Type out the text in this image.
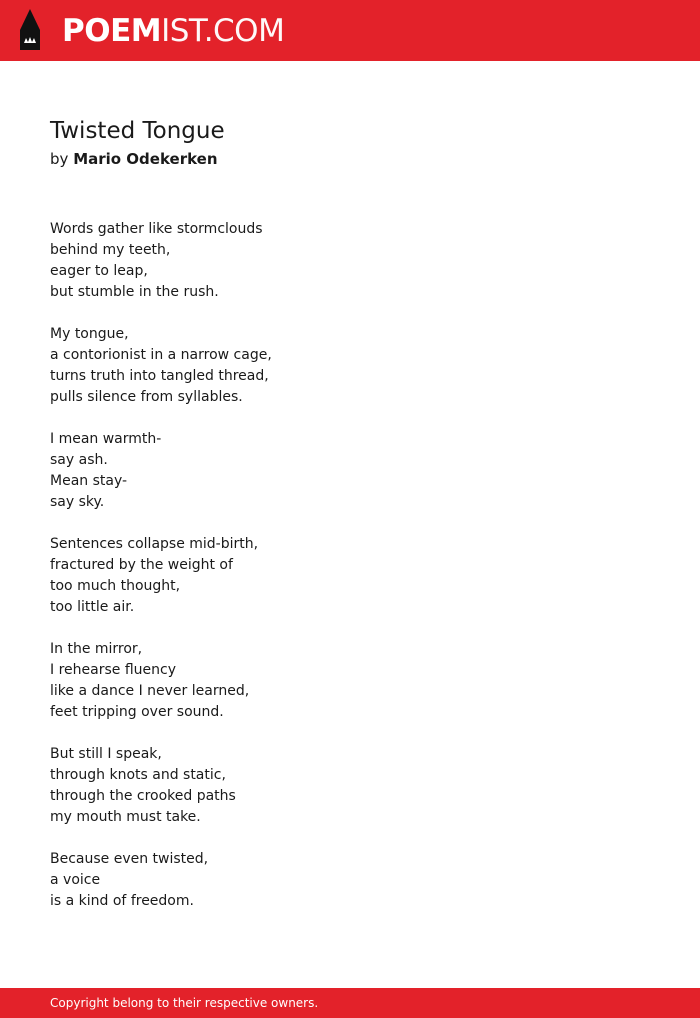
POEMIST.COM
Twisted Tongue
by Mario Odekerken
Words gather like stormclouds
behind my teeth,
eager to leap,
but stumble in the rush.
My tongue,
a contorionist in a narrow cage,
turns truth into tangled thread,
pulls silence from syllables.
I mean warmth-
say ash.
Mean stay-
say sky.
Sentences collapse mid-birth,
fractured by the weight of
too much thought,
too little air.
In the mirror,
I rehearse fluency
like a dance I never learned,
feet tripping over sound.
But still I speak,
through knots and static,
through the crooked paths
my mouth must take.
Because even twisted,
a voice
is a kind of freedom.
Copyright belong to their respective owners.
